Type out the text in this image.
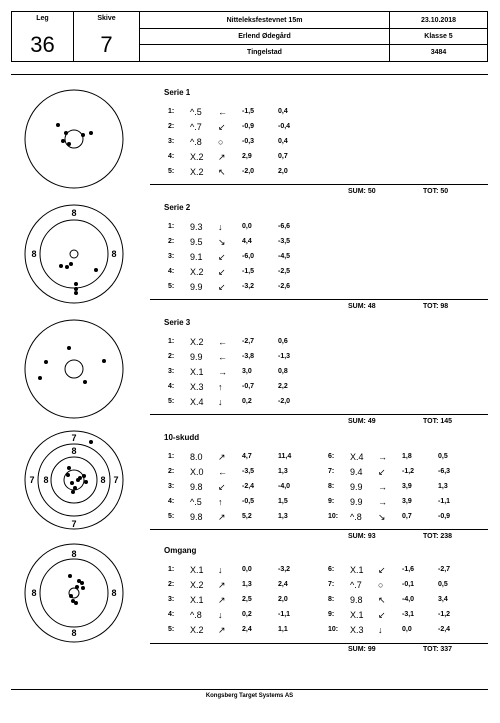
Leg
36
Skive
7
Nitteleksfestevnet 15m	23.10.2018
Erlend Ødegård	Klasse 5
Tingelstad	3484
Serie 1
1: ^.5 ← -1,5	0,4
2: ^.7 ↙ -0,9	-0,4
3: ^.8 ○	-0,3	0,4
4: X.2 ↗ 2,9	0,7
5: X.2 ↖ -2,0	2,0
SUM: 50	TOT: 50
8
8	8
Serie 2
1: 9.3 ↓	0,0	-6,6
2: 9.5 ↘ 4,4	-3,5
3: 9.1 ↙ -6,0	-4,5
4: X.2 ↙ -1,5	-2,5
5: 9.9 ↙ -3,2	-2,6
SUM: 48	TOT: 98
Serie 3
1: X.2 ← -2,7	0,6
2: 9.9 ← -3,8	-1,3
3: X.1 → 3,0	0,8
4: X.3 ↑	-0,7	2,2
5: X.4 ↓	0,2	-2,0
SUM: 49	TOT: 145
7
7	7
7
8
8	8
10-skudd
1: 8.0 ↗ 4,7	11,4
2: X.0 ← -3,5	1,3
3: 9.8 ↙ -2,4	-4,0
4: ^.5 ↑	-0,5	1,5
5: 9.8 ↗ 5,2	1,3
6: X.4 → 1,8	0,5
7: 9.4 ↙ -1,2	-6,3
8: 9.9 → 3,9	1,3
9: 9.9 → 3,9	-1,1
10: ^.8 ↘ 0,7	-0,9
SUM: 93	TOT: 238
8
8	8
8
Omgang
1: X.1 ↓	0,0	-3,2
2: X.2 ↗ 1,3	2,4
3: X.1 ↗ 2,5	2,0
4: ^.8 ↓	0,2	-1,1
5: X.2 ↗ 2,4	1,1
6: X.1 ↙ -1,6	-2,7
7: ^.7 ○	-0,1	0,5
8: 9.8 ↖ -4,0	3,4
9: X.1 ↙ -3,1	-1,2
10: X.3 ↓	0,0	-2,4
SUM: 99	TOT: 337
Kongsberg Target Systems AS
